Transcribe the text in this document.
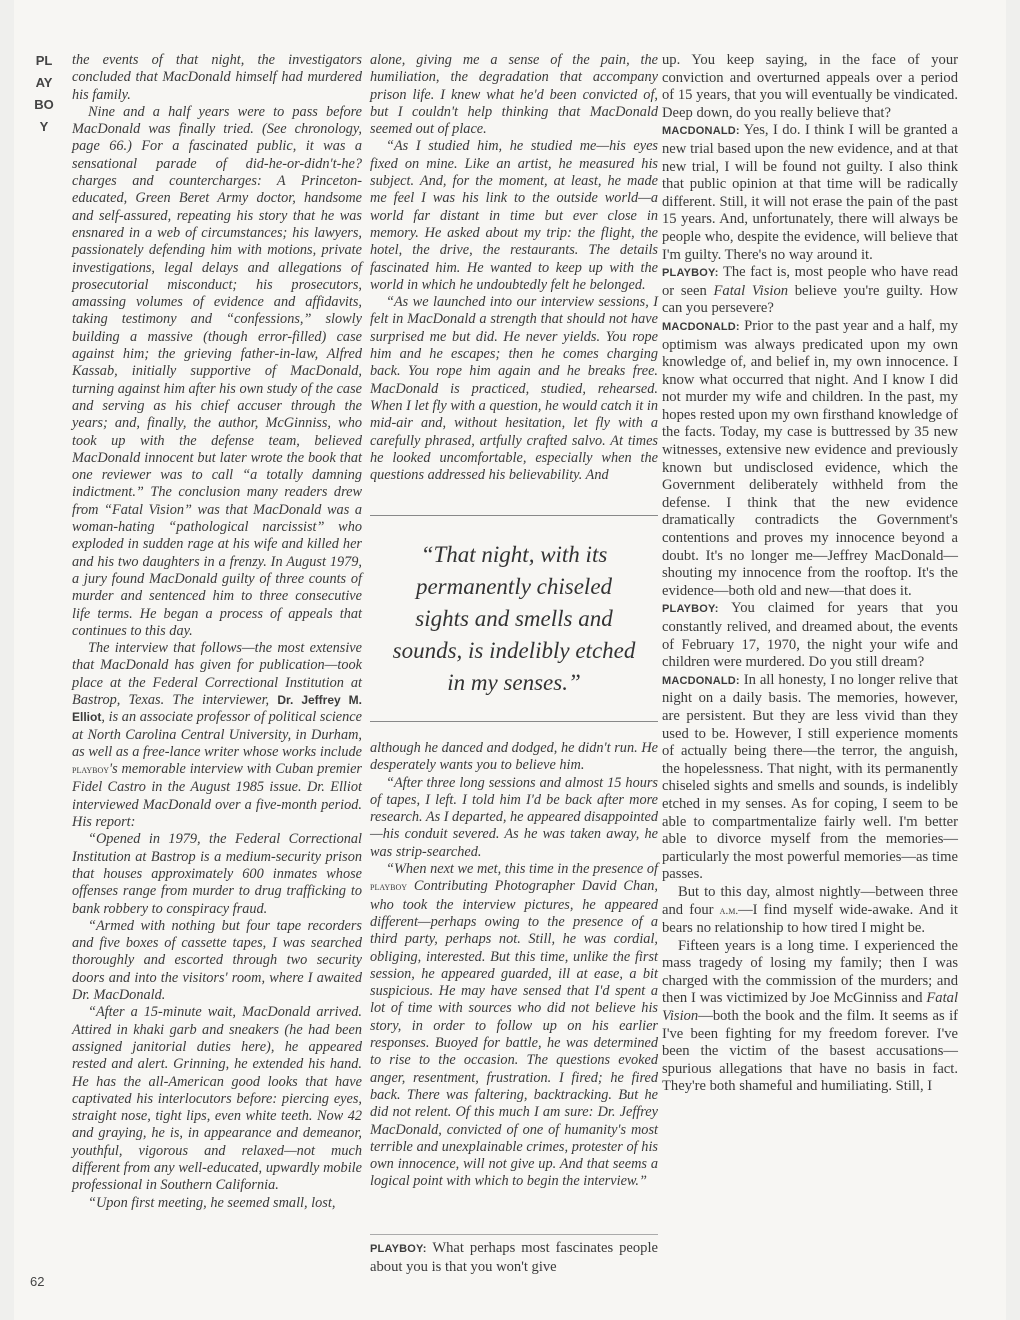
PLAYBOY
62

the events of that night, the investigators concluded that MacDonald himself had murdered his family.

Nine and a half years were to pass before MacDonald was finally tried. (See chronology, page 66.) For a fascinated public, it was a sensational parade of did-he-or-didn't-he? charges and countercharges: A Princeton-educated, Green Beret Army doctor, handsome and self-assured, repeating his story that he was ensnared in a web of circumstances; his lawyers, passionately defending him with motions, private investigations, legal delays and allegations of prosecutorial misconduct; his prosecutors, amassing volumes of evidence and affidavits, taking testimony and “confessions,” slowly building a massive (though error-filled) case against him; the grieving father-in-law, Alfred Kassab, initially supportive of MacDonald, turning against him after his own study of the case and serving as his chief accuser through the years; and, finally, the author, McGinniss, who took up with the defense team, believed MacDonald innocent but later wrote the book that one reviewer was to call “a totally damning indictment.” The conclusion many readers drew from “Fatal Vision” was that MacDonald was a woman-hating “pathological narcissist” who exploded in sudden rage at his wife and killed her and his two daughters in a frenzy. In August 1979, a jury found MacDonald guilty of three counts of murder and sentenced him to three consecutive life terms. He began a process of appeals that continues to this day.

The interview that follows—the most extensive that MacDonald has given for publication—took place at the Federal Correctional Institution at Bastrop, Texas. The interviewer, Dr. Jeffrey M. Elliot, is an associate professor of political science at North Carolina Central University, in Durham, as well as a free-lance writer whose works include playboy's memorable interview with Cuban premier Fidel Castro in the August 1985 issue. Dr. Elliot interviewed MacDonald over a five-month period. His report:

“Opened in 1979, the Federal Correctional Institution at Bastrop is a medium-security prison that houses approximately 600 inmates whose offenses range from murder to drug trafficking to bank robbery to conspiracy fraud.

“Armed with nothing but four tape recorders and five boxes of cassette tapes, I was searched thoroughly and escorted through two security doors and into the visitors' room, where I awaited Dr. MacDonald.

“After a 15-minute wait, MacDonald arrived. Attired in khaki garb and sneakers (he had been assigned janitorial duties here), he appeared rested and alert. Grinning, he extended his hand. He has the all-American good looks that have captivated his interlocutors before: piercing eyes, straight nose, tight lips, even white teeth. Now 42 and graying, he is, in appearance and demeanor, youthful, vigorous and relaxed—not much different from any well-educated, upwardly mobile professional in Southern California.

“Upon first meeting, he seemed small, lost,

alone, giving me a sense of the pain, the humiliation, the degradation that accompany prison life. I knew what he'd been convicted of, but I couldn't help thinking that MacDonald seemed out of place.

“As I studied him, he studied me—his eyes fixed on mine. Like an artist, he measured his subject. And, for the moment, at least, he made me feel I was his link to the outside world—a world far distant in time but ever close in memory. He asked about my trip: the flight, the hotel, the drive, the restaurants. The details fascinated him. He wanted to keep up with the world in which he undoubtedly felt he belonged.

“As we launched into our interview sessions, I felt in MacDonald a strength that should not have surprised me but did. He never yields. You rope him and he escapes; then he comes charging back. You rope him again and he breaks free. MacDonald is practiced, studied, rehearsed. When I let fly with a question, he would catch it in mid-air and, without hesitation, let fly with a carefully phrased, artfully crafted salvo. At times he looked uncomfortable, especially when the questions addressed his believability. And

“That night, with its permanently chiseled sights and smells and sounds, is indelibly etched in my senses.”

although he danced and dodged, he didn't run. He desperately wants you to believe him.

“After three long sessions and almost 15 hours of tapes, I left. I told him I'd be back after more research. As I departed, he appeared disappointed—his conduit severed. As he was taken away, he was strip-searched.

“When next we met, this time in the presence of playboy Contributing Photographer David Chan, who took the interview pictures, he appeared different—perhaps owing to the presence of a third party, perhaps not. Still, he was cordial, obliging, interested. But this time, unlike the first session, he appeared guarded, ill at ease, a bit suspicious. He may have sensed that I'd spent a lot of time with sources who did not believe his story, in order to follow up on his earlier responses. Buoyed for battle, he was determined to rise to the occasion. The questions evoked anger, resentment, frustration. I fired; he fired back. There was faltering, backtracking. But he did not relent. Of this much I am sure: Dr. Jeffrey MacDonald, convicted of one of humanity's most terrible and unexplainable crimes, protester of his own innocence, will not give up. And that seems a logical point with which to begin the interview.”

PLAYBOY: What perhaps most fascinates people about you is that you won't give

up. You keep saying, in the face of your conviction and overturned appeals over a period of 15 years, that you will eventually be vindicated. Deep down, do you really believe that?

MACDONALD: Yes, I do. I think I will be granted a new trial based upon the new evidence, and at that new trial, I will be found not guilty. I also think that public opinion at that time will be radically different. Still, it will not erase the pain of the past 15 years. And, unfortunately, there will always be people who, despite the evidence, will believe that I'm guilty. There's no way around it.

PLAYBOY: The fact is, most people who have read or seen Fatal Vision believe you're guilty. How can you persevere?

MACDONALD: Prior to the past year and a half, my optimism was always predicated upon my own knowledge of, and belief in, my own innocence. I know what occurred that night. And I know I did not murder my wife and children. In the past, my hopes rested upon my own firsthand knowledge of the facts. Today, my case is buttressed by 35 new witnesses, extensive new evidence and previously known but undisclosed evidence, which the Government deliberately withheld from the defense. I think that the new evidence dramatically contradicts the Government's contentions and proves my innocence beyond a doubt. It's no longer me—Jeffrey MacDonald—shouting my innocence from the rooftop. It's the evidence—both old and new—that does it.

PLAYBOY: You claimed for years that you constantly relived, and dreamed about, the events of February 17, 1970, the night your wife and children were murdered. Do you still dream?

MACDONALD: In all honesty, I no longer relive that night on a daily basis. The memories, however, are persistent. But they are less vivid than they used to be. However, I still experience moments of actually being there—the terror, the anguish, the hopelessness. That night, with its permanently chiseled sights and smells and sounds, is indelibly etched in my senses. As for coping, I seem to be able to compartmentalize fairly well. I'm better able to divorce myself from the memories—particularly the most powerful memories—as time passes.

But to this day, almost nightly—between three and four a.m.—I find myself wide-awake. And it bears no relationship to how tired I might be.

Fifteen years is a long time. I experienced the mass tragedy of losing my family; then I was charged with the commission of the murders; and then I was victimized by Joe McGinniss and Fatal Vision—both the book and the film. It seems as if I've been fighting for my freedom forever. I've been the victim of the basest accusations—spurious allegations that have no basis in fact. They're both shameful and humiliating. Still, I
